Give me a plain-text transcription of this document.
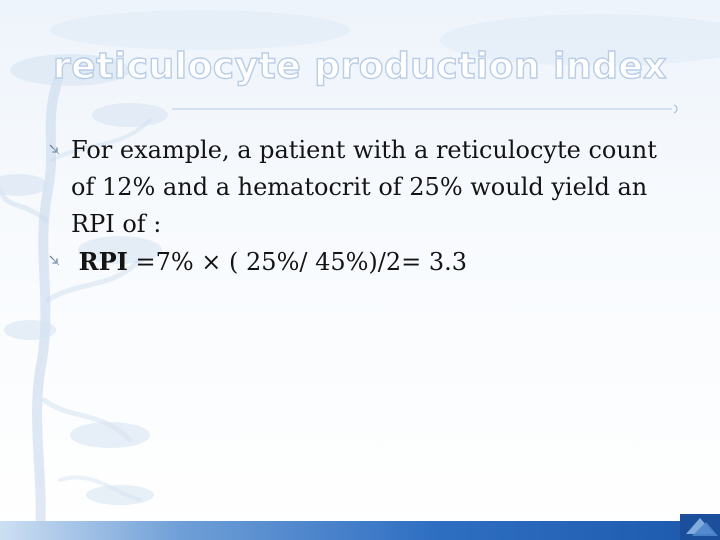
reticulocyte production index
For example, a patient with a reticulocyte count of 12% and a hematocrit of 25% would yield an RPI of :
RPI =7% × ( 25%/ 45%)/2= 3.3
